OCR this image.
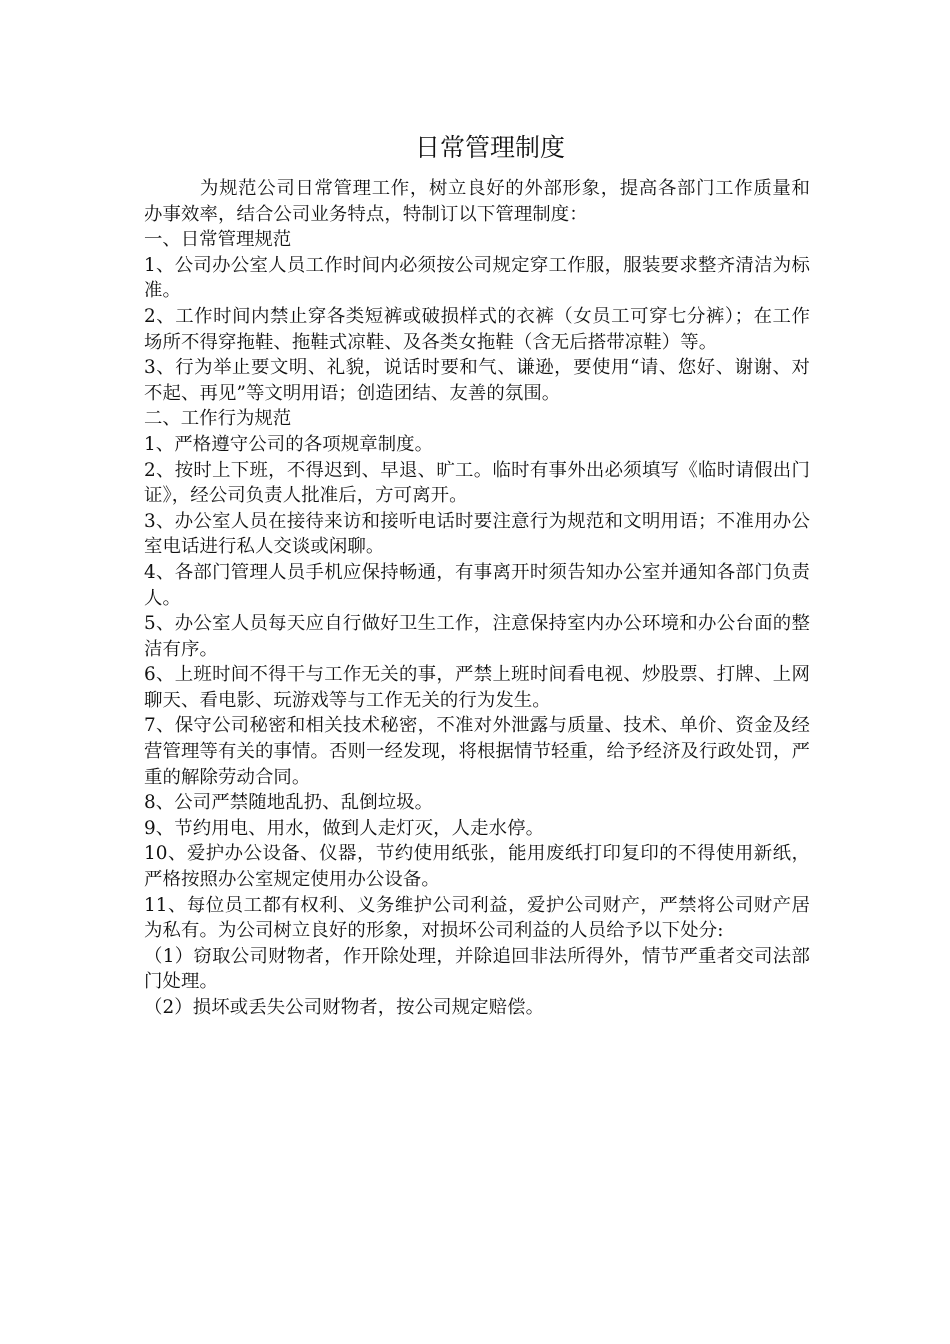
日常管理制度

为规范公司日常管理工作，树立良好的外部形象，提高各部门工作质量和办事效率，结合公司业务特点，特制订以下管理制度：

一、日常管理规范

1、公司办公室人员工作时间内必须按公司规定穿工作服，服装要求整齐清洁为标准。

2、工作时间内禁止穿各类短裤或破损样式的衣裤（女员工可穿七分裤）；在工作场所不得穿拖鞋、拖鞋式凉鞋、及各类女拖鞋（含无后搭带凉鞋）等。

3、行为举止要文明、礼貌，说话时要和气、谦逊，要使用“请、您好、谢谢、对不起、再见”等文明用语；创造团结、友善的氛围。

二、工作行为规范

1、严格遵守公司的各项规章制度。

2、按时上下班，不得迟到、早退、旷工。临时有事外出必须填写《临时请假出门证》，经公司负责人批准后，方可离开。

3、办公室人员在接待来访和接听电话时要注意行为规范和文明用语；不准用办公室电话进行私人交谈或闲聊。

4、各部门管理人员手机应保持畅通，有事离开时须告知办公室并通知各部门负责人。

5、办公室人员每天应自行做好卫生工作，注意保持室内办公环境和办公台面的整洁有序。

6、上班时间不得干与工作无关的事，严禁上班时间看电视、炒股票、打牌、上网聊天、看电影、玩游戏等与工作无关的行为发生。

7、保守公司秘密和相关技术秘密，不准对外泄露与质量、技术、单价、资金及经营管理等有关的事情。否则一经发现，将根据情节轻重，给予经济及行政处罚，严重的解除劳动合同。

8、公司严禁随地乱扔、乱倒垃圾。

9、节约用电、用水，做到人走灯灭，人走水停。

10、爱护办公设备、仪器，节约使用纸张，能用废纸打印复印的不得使用新纸，严格按照办公室规定使用办公设备。

11、每位员工都有权利、义务维护公司利益，爱护公司财产，严禁将公司财产居为私有。为公司树立良好的形象，对损坏公司利益的人员给予以下处分:

（1）窃取公司财物者，作开除处理，并除追回非法所得外，情节严重者交司法部门处理。

（2）损坏或丢失公司财物者，按公司规定赔偿。
